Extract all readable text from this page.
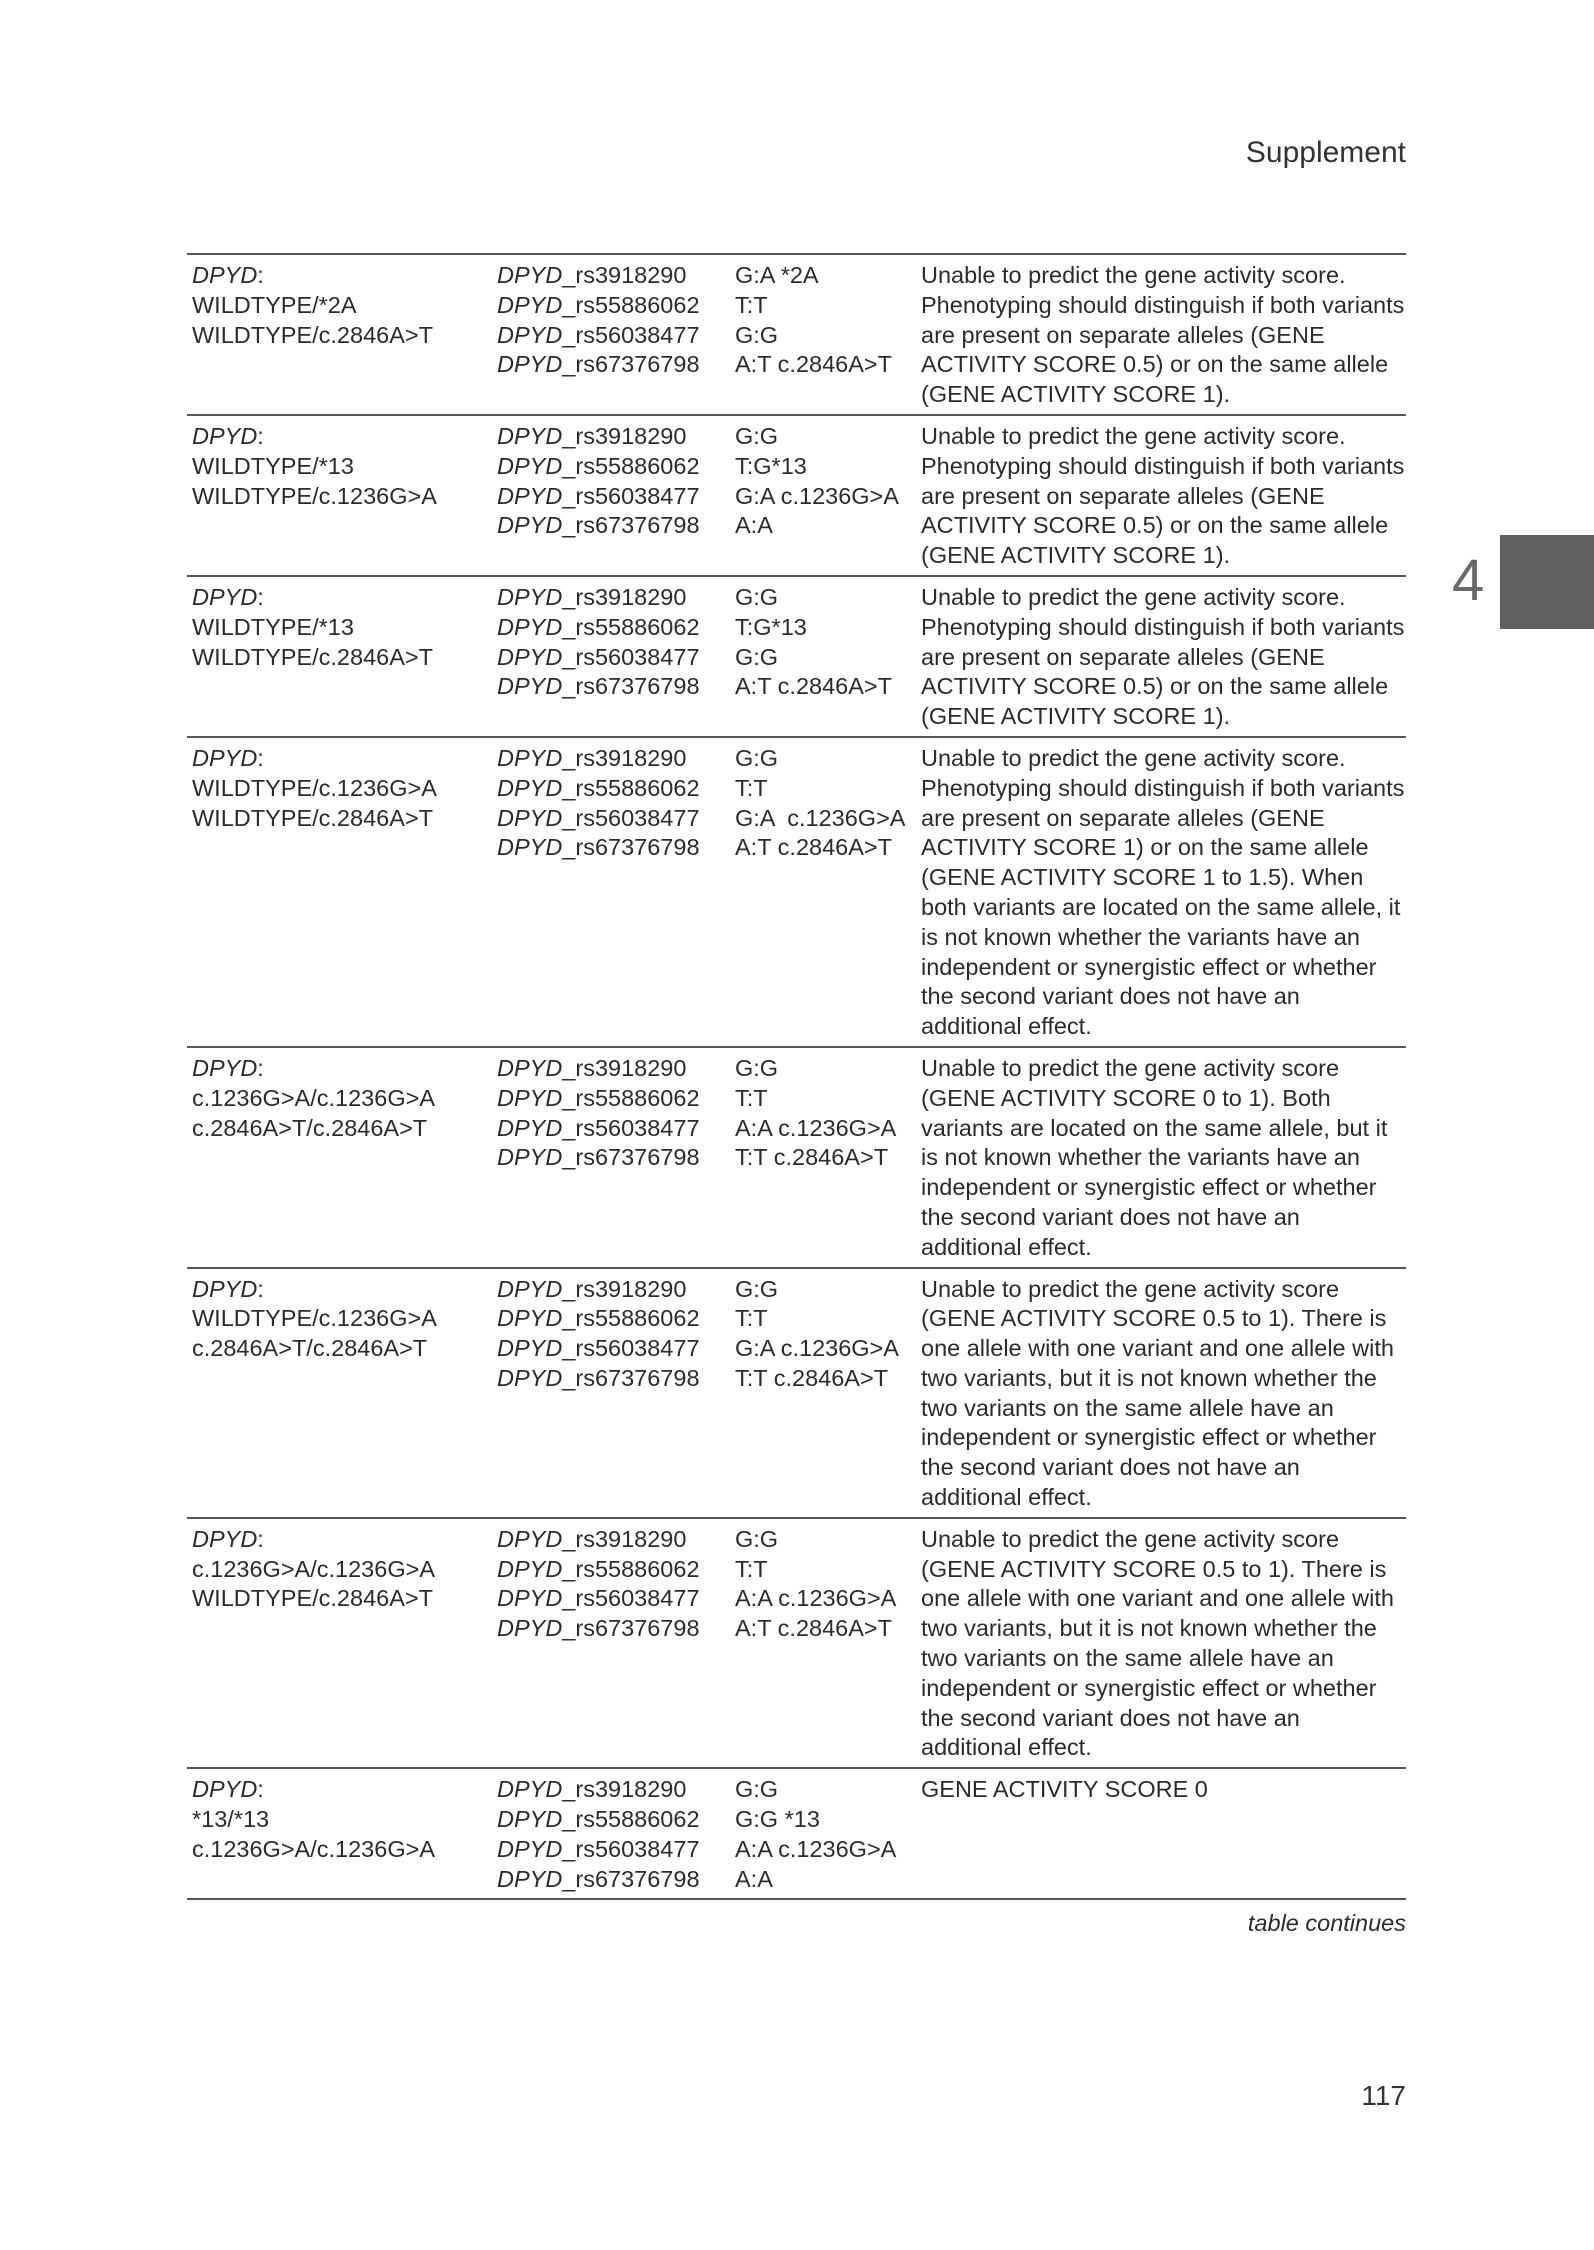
Supplement
4
DPYD:
WILDTYPE/*2A
WILDTYPE/c.2846A>T
DPYD_rs3918290
DPYD_rs55886062
DPYD_rs56038477
DPYD_rs67376798
G:A *2A
T:T
G:G
A:T c.2846A>T
Unable to predict the gene activity score. Phenotyping should distinguish if both variants are present on separate alleles (GENE ACTIVITY SCORE 0.5) or on the same allele (GENE ACTIVITY SCORE 1).
DPYD:
WILDTYPE/*13
WILDTYPE/c.1236G>A
DPYD_rs3918290
DPYD_rs55886062
DPYD_rs56038477
DPYD_rs67376798
G:G
T:G*13
G:A c.1236G>A
A:A
Unable to predict the gene activity score. Phenotyping should distinguish if both variants are present on separate alleles (GENE ACTIVITY SCORE 0.5) or on the same allele (GENE ACTIVITY SCORE 1).
DPYD:
WILDTYPE/*13
WILDTYPE/c.2846A>T
DPYD_rs3918290
DPYD_rs55886062
DPYD_rs56038477
DPYD_rs67376798
G:G
T:G*13
G:G
A:T c.2846A>T
Unable to predict the gene activity score. Phenotyping should distinguish if both variants are present on separate alleles (GENE ACTIVITY SCORE 0.5) or on the same allele (GENE ACTIVITY SCORE 1).
DPYD:
WILDTYPE/c.1236G>A
WILDTYPE/c.2846A>T
DPYD_rs3918290
DPYD_rs55886062
DPYD_rs56038477
DPYD_rs67376798
G:G
T:T
G:A  c.1236G>A
A:T c.2846A>T
Unable to predict the gene activity score. Phenotyping should distinguish if both variants are present on separate alleles (GENE ACTIVITY SCORE 1) or on the same allele (GENE ACTIVITY SCORE 1 to 1.5). When both variants are located on the same allele, it is not known whether the variants have an independent or synergistic effect or whether the second variant does not have an additional effect.
DPYD:
c.1236G>A/c.1236G>A
c.2846A>T/c.2846A>T
DPYD_rs3918290
DPYD_rs55886062
DPYD_rs56038477
DPYD_rs67376798
G:G
T:T
A:A c.1236G>A
T:T c.2846A>T
Unable to predict the gene activity score (GENE ACTIVITY SCORE 0 to 1). Both variants are located on the same allele, but it is not known whether the variants have an independent or synergistic effect or whether the second variant does not have an additional effect.
DPYD:
WILDTYPE/c.1236G>A
c.2846A>T/c.2846A>T
DPYD_rs3918290
DPYD_rs55886062
DPYD_rs56038477
DPYD_rs67376798
G:G
T:T
G:A c.1236G>A
T:T c.2846A>T
Unable to predict the gene activity score (GENE ACTIVITY SCORE 0.5 to 1). There is one allele with one variant and one allele with two variants, but it is not known whether the two variants on the same allele have an independent or synergistic effect or whether the second variant does not have an additional effect.
DPYD:
c.1236G>A/c.1236G>A
WILDTYPE/c.2846A>T
DPYD_rs3918290
DPYD_rs55886062
DPYD_rs56038477
DPYD_rs67376798
G:G
T:T
A:A c.1236G>A
A:T c.2846A>T
Unable to predict the gene activity score (GENE ACTIVITY SCORE 0.5 to 1). There is one allele with one variant and one allele with two variants, but it is not known whether the two variants on the same allele have an independent or synergistic effect or whether the second variant does not have an additional effect.
DPYD:
*13/*13
c.1236G>A/c.1236G>A
DPYD_rs3918290
DPYD_rs55886062
DPYD_rs56038477
DPYD_rs67376798
G:G
G:G *13
A:A c.1236G>A
A:A
GENE ACTIVITY SCORE 0
table continues
117
